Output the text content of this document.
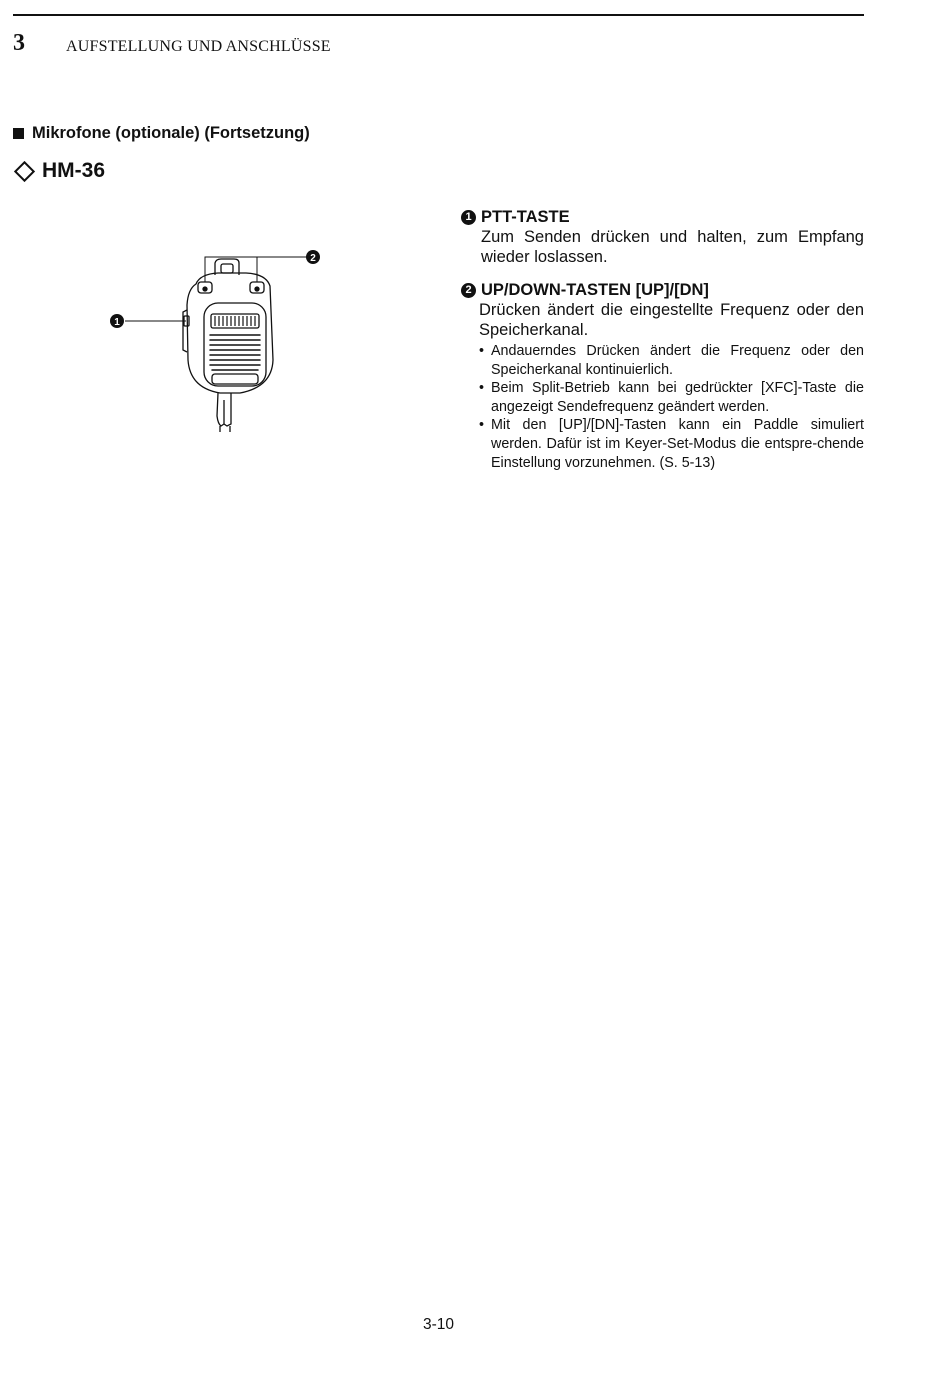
3	AUFSTELLUNG UND ANSCHLÜSSE
Mikrofone (optionale) (Fortsetzung)
HM-36
2
1
1 PTT-TASTE
Zum Senden drücken und halten, zum Empfang wieder loslassen.
2 UP/DOWN-TASTEN [UP]/[DN]
Drücken ändert die eingestellte Frequenz oder den Speicherkanal.
• Andauerndes Drücken ändert die Frequenz oder den Speicherkanal kontinuierlich.
• Beim Split-Betrieb kann bei gedrückter [XFC]-Taste die angezeigt Sendefrequenz geändert werden.
• Mit den [UP]/[DN]-Tasten kann ein Paddle simuliert werden. Dafür ist im Keyer-Set-Modus die entspre-chende Einstellung vorzunehmen. (S. 5-13)
3-10
